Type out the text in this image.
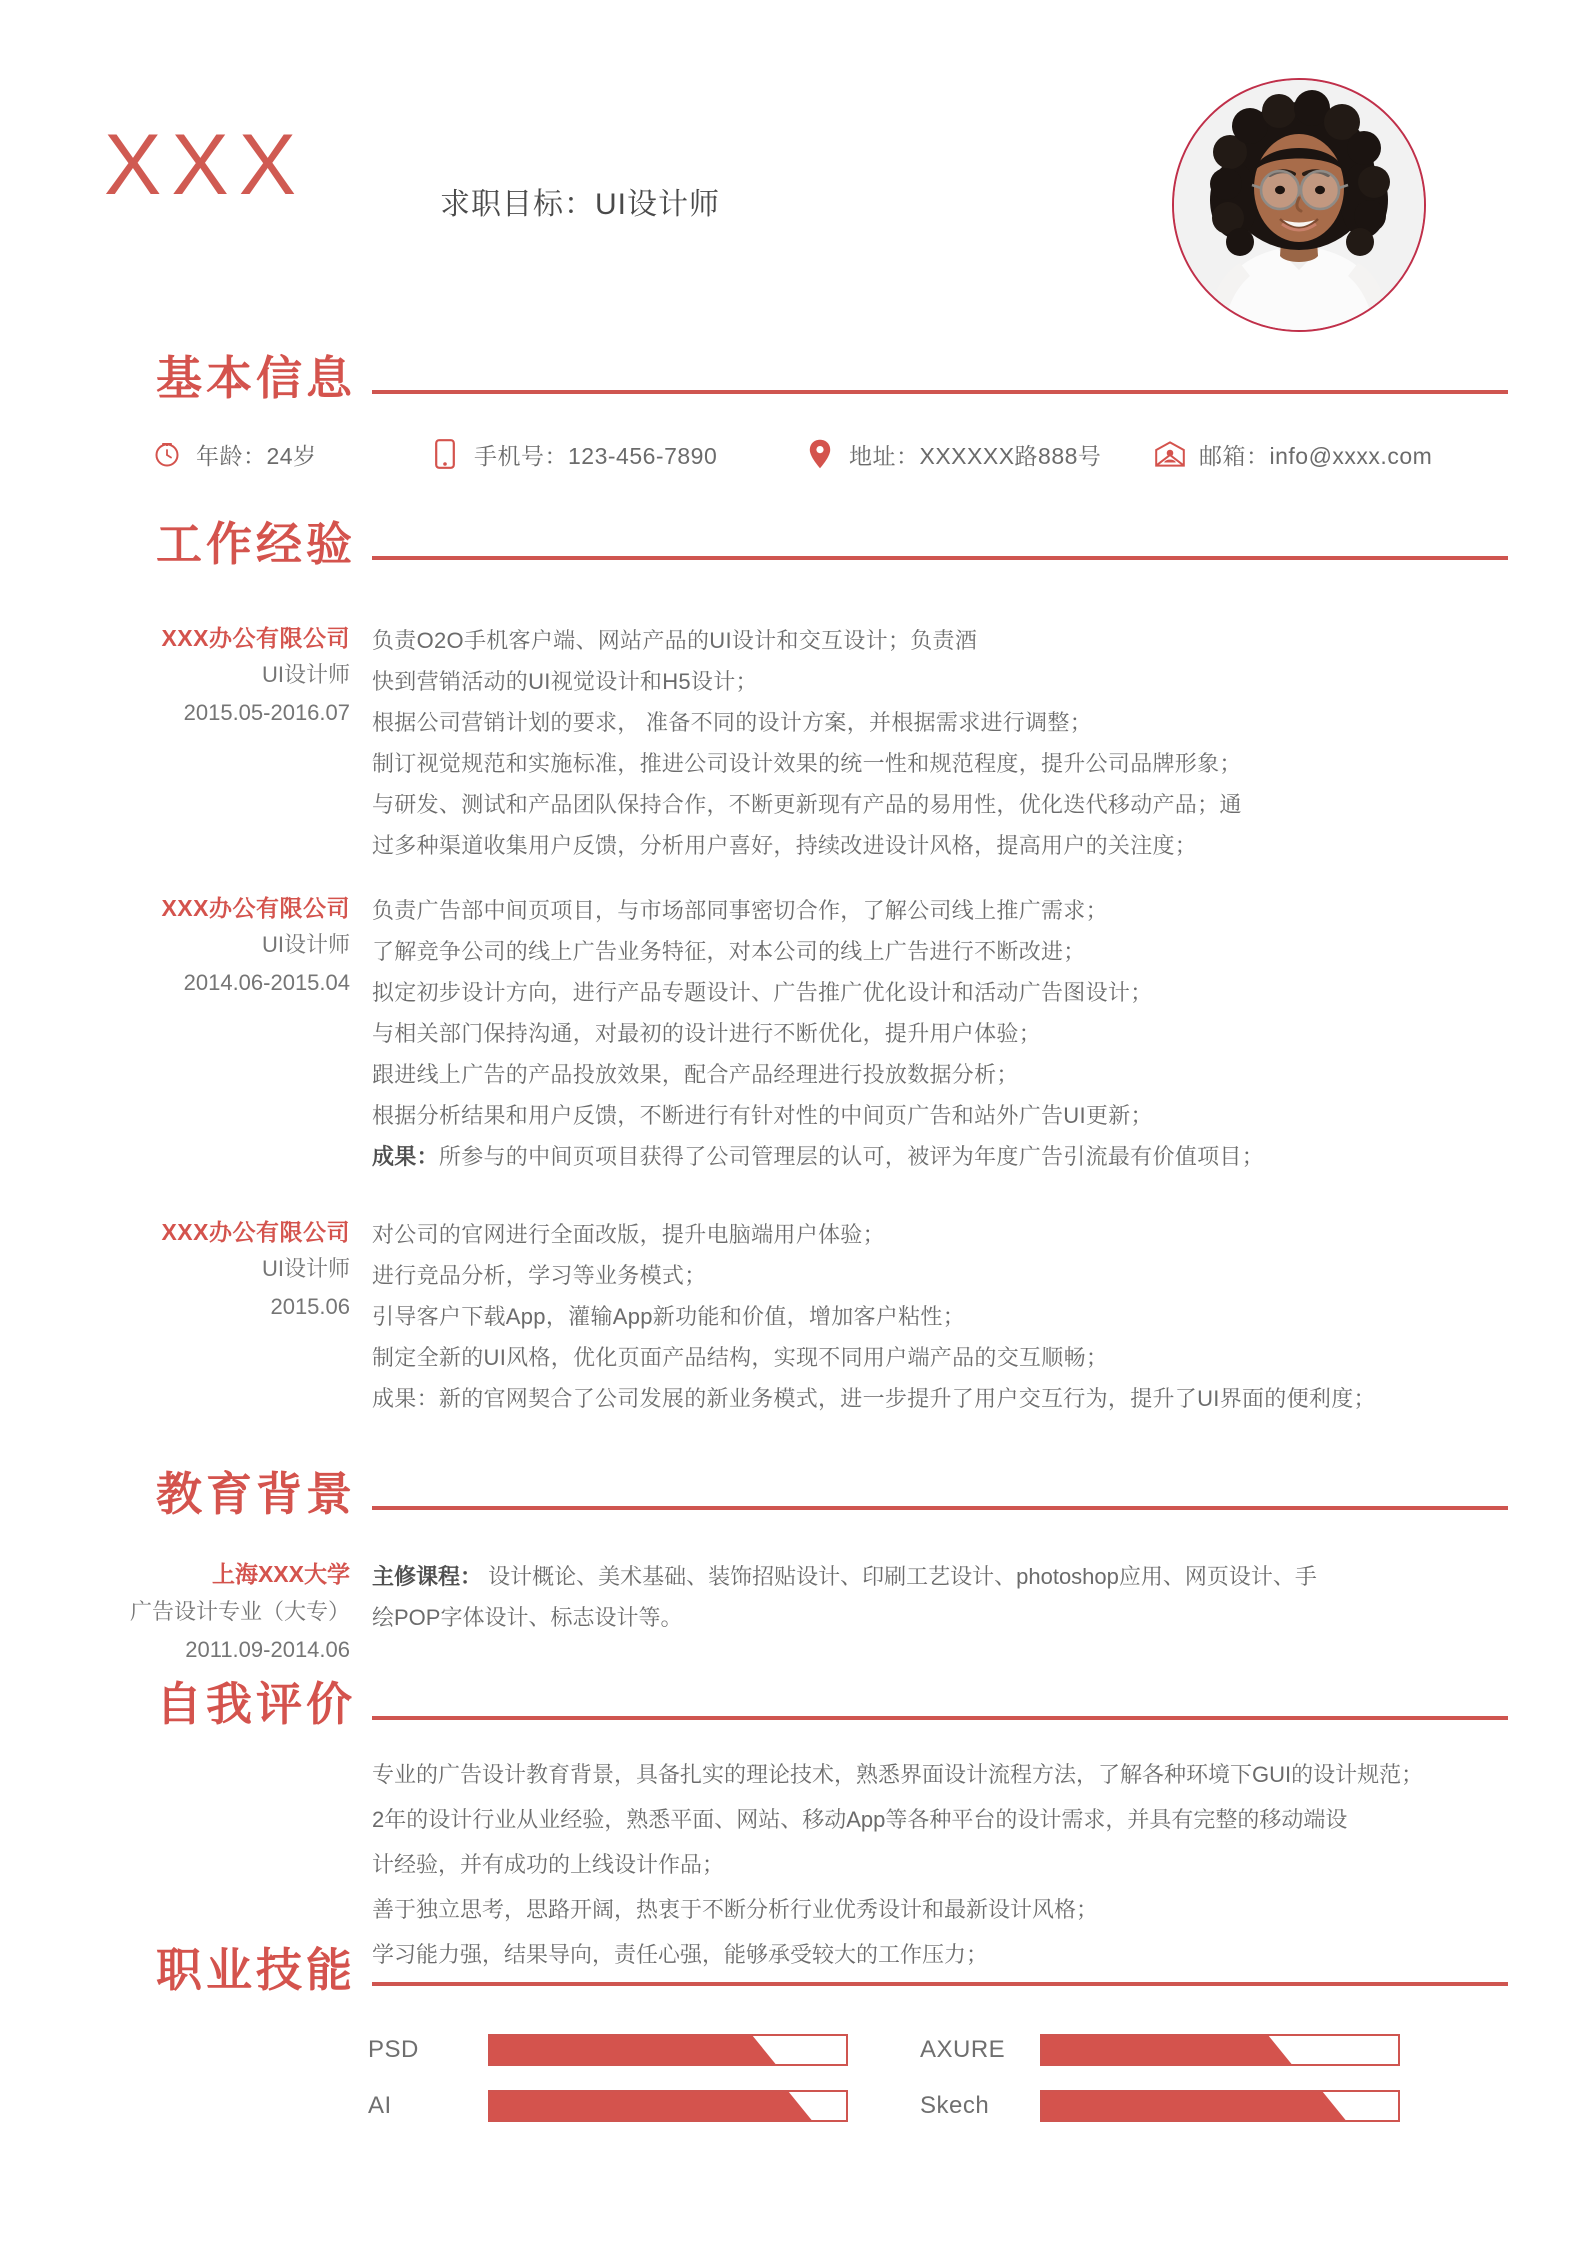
XXX	求职目标：UI设计师
基本信息
年龄：24岁	手机号：123-456-7890	地址：XXXXXX路888号	邮箱：info@xxxx.com
工作经验
XXX办公有限公司
UI设计师
2015.05-2016.07
负责O2O手机客户端、网站产品的UI设计和交互设计；负责酒
快到营销活动的UI视觉设计和H5设计；
根据公司营销计划的要求， 准备不同的设计方案，并根据需求进行调整；
制订视觉规范和实施标准，推进公司设计效果的统一性和规范程度，提升公司品牌形象；
与研发、测试和产品团队保持合作，不断更新现有产品的易用性，优化迭代移动产品；通
过多种渠道收集用户反馈，分析用户喜好，持续改进设计风格，提高用户的关注度；
XXX办公有限公司
UI设计师
2014.06-2015.04
负责广告部中间页项目，与市场部同事密切合作，了解公司线上推广需求；
了解竞争公司的线上广告业务特征，对本公司的线上广告进行不断改进；
拟定初步设计方向，进行产品专题设计、广告推广优化设计和活动广告图设计；
与相关部门保持沟通，对最初的设计进行不断优化，提升用户体验；
跟进线上广告的产品投放效果，配合产品经理进行投放数据分析；
根据分析结果和用户反馈，不断进行有针对性的中间页广告和站外广告UI更新；
成果：所参与的中间页项目获得了公司管理层的认可，被评为年度广告引流最有价值项目；
XXX办公有限公司
UI设计师
2015.06
对公司的官网进行全面改版，提升电脑端用户体验；
进行竞品分析，学习等业务模式；
引导客户下载App，灌输App新功能和价值，增加客户粘性；
制定全新的UI风格，优化页面产品结构，实现不同用户端产品的交互顺畅；
成果：新的官网契合了公司发展的新业务模式，进一步提升了用户交互行为，提升了UI界面的便利度；
教育背景
上海XXX大学
广告设计专业（大专）
2011.09-2014.06
主修课程： 设计概论、美术基础、装饰招贴设计、印刷工艺设计、photoshop应用、网页设计、手
绘POP字体设计、标志设计等。
自我评价
专业的广告设计教育背景，具备扎实的理论技术，熟悉界面设计流程方法，了解各种环境下GUI的设计规范；
2年的设计行业从业经验，熟悉平面、网站、移动App等各种平台的设计需求，并具有完整的移动端设
计经验，并有成功的上线设计作品；
善于独立思考，思路开阔，热衷于不断分析行业优秀设计和最新设计风格；
学习能力强，结果导向，责任心强，能够承受较大的工作压力；
职业技能
PSD
AI
AXURE
Skech
